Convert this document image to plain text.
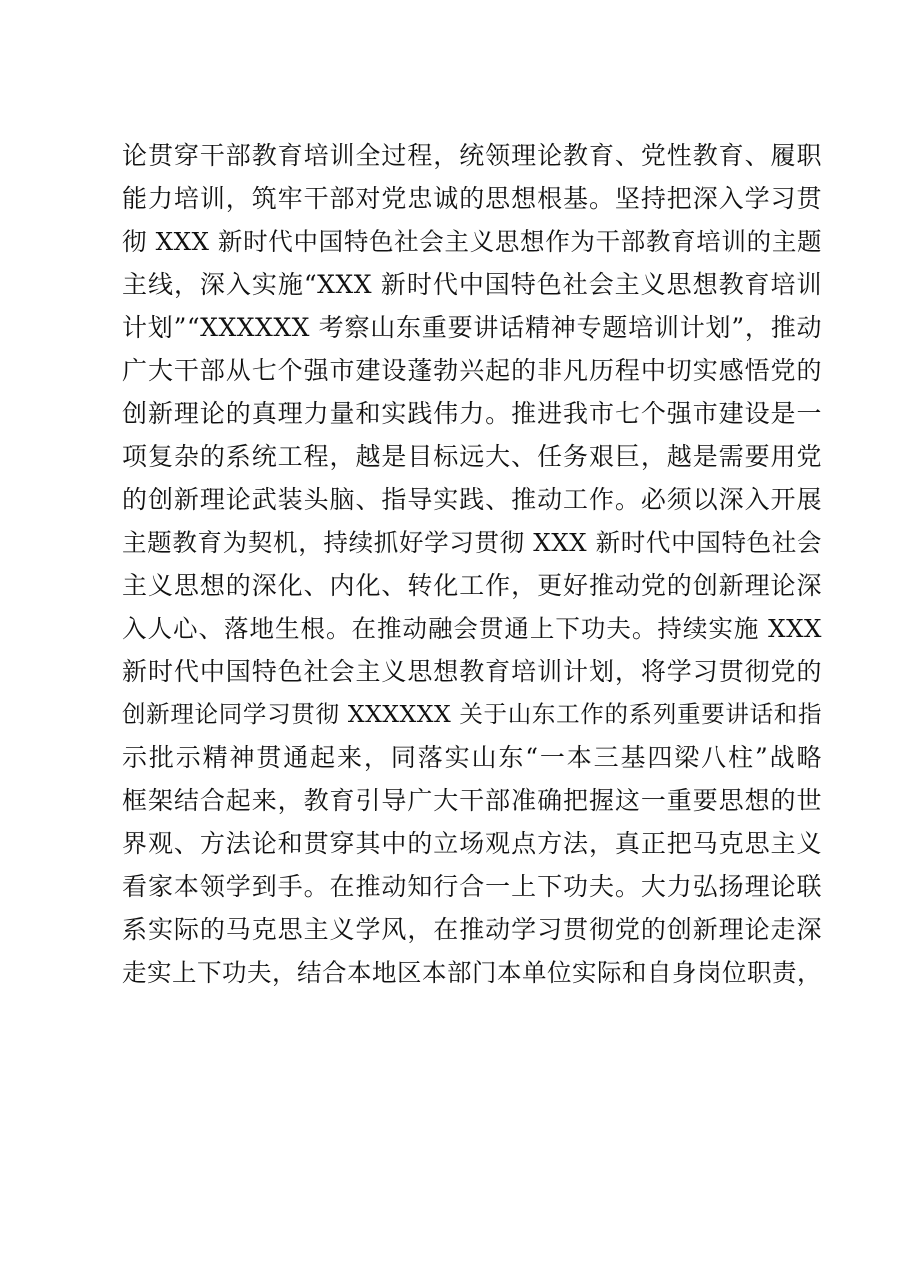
论贯穿干部教育培训全过程，统领理论教育、党性教育、履职
能力培训，筑牢干部对党忠诚的思想根基。坚持把深入学习贯
彻 XXX 新时代中国特色社会主义思想作为干部教育培训的主题
主线，深入实施“XXX 新时代中国特色社会主义思想教育培训
计划”“XXXXXX 考察山东重要讲话精神专题培训计划”，推动
广大干部从七个强市建设蓬勃兴起的非凡历程中切实感悟党的
创新理论的真理力量和实践伟力。推进我市七个强市建设是一
项复杂的系统工程，越是目标远大、任务艰巨，越是需要用党
的创新理论武装头脑、指导实践、推动工作。必须以深入开展
主题教育为契机，持续抓好学习贯彻 XXX 新时代中国特色社会
主义思想的深化、内化、转化工作，更好推动党的创新理论深
入人心、落地生根。在推动融会贯通上下功夫。持续实施 XXX
新时代中国特色社会主义思想教育培训计划，将学习贯彻党的
创新理论同学习贯彻 XXXXXX 关于山东工作的系列重要讲话和指
示批示精神贯通起来，同落实山东“一本三基四梁八柱”战略
框架结合起来，教育引导广大干部准确把握这一重要思想的世
界观、方法论和贯穿其中的立场观点方法，真正把马克思主义
看家本领学到手。在推动知行合一上下功夫。大力弘扬理论联
系实际的马克思主义学风，在推动学习贯彻党的创新理论走深
走实上下功夫，结合本地区本部门本单位实际和自身岗位职责，
